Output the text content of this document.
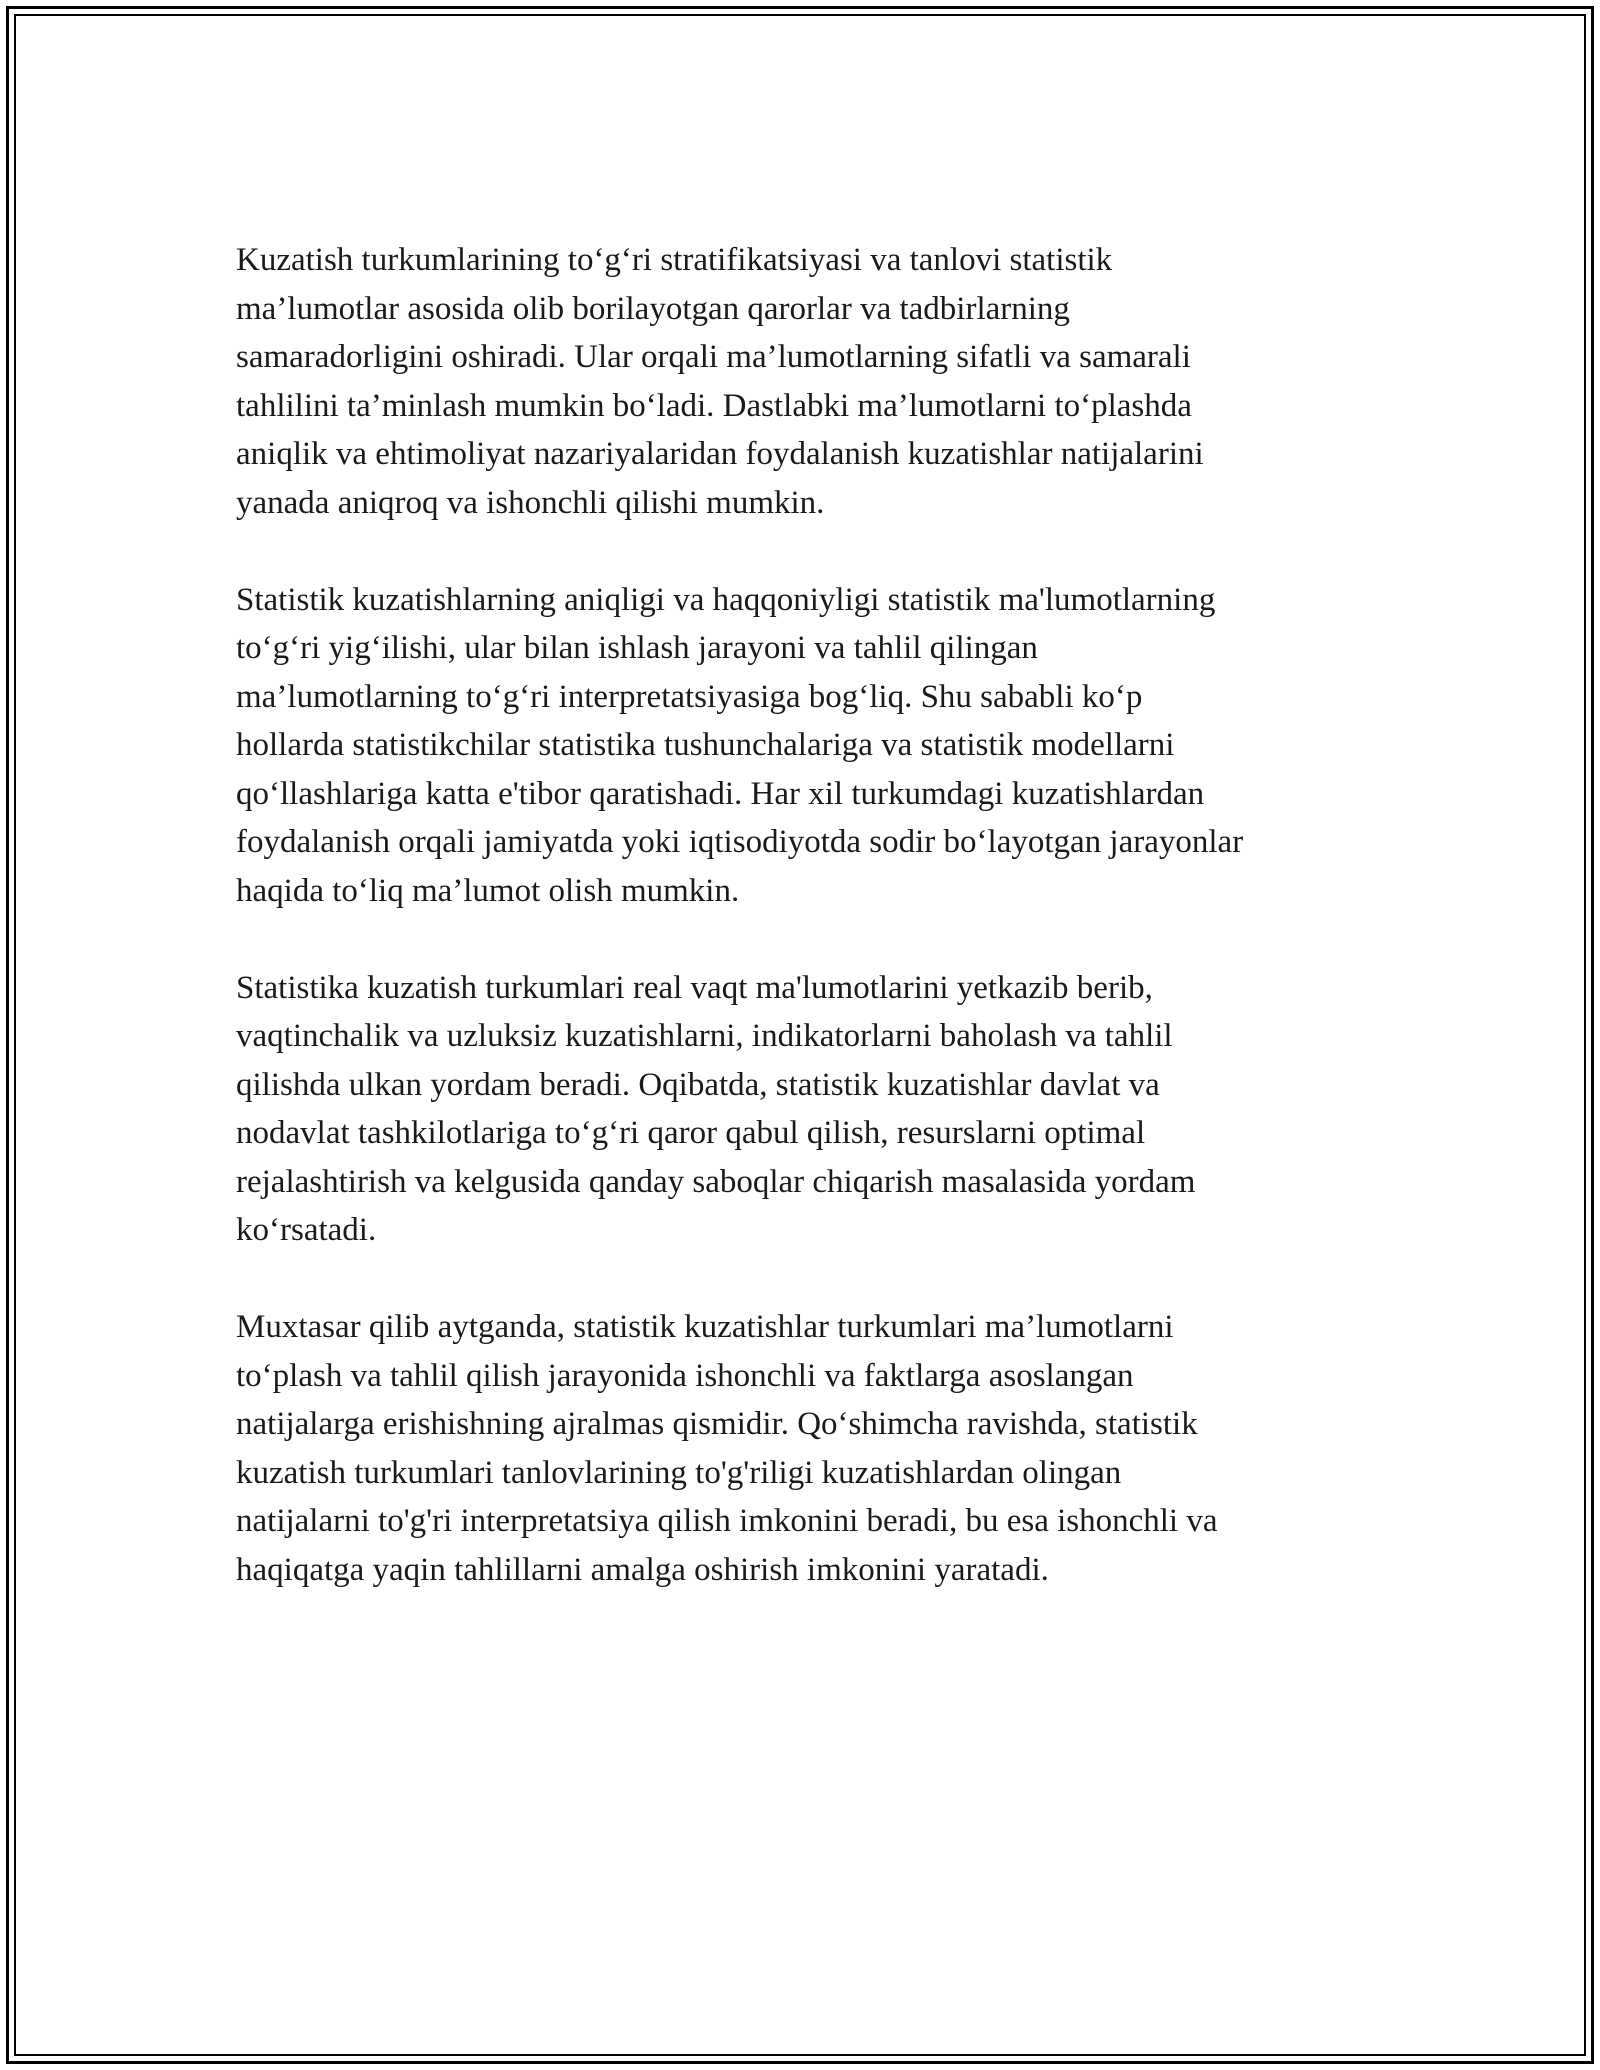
Kuzatish turkumlarining to‘g‘ri stratifikatsiyasi va tanlovi statistik
ma’lumotlar asosida olib borilayotgan qarorlar va tadbirlarning
samaradorligini oshiradi. Ular orqali ma’lumotlarning sifatli va samarali
tahlilini ta’minlash mumkin bo‘ladi. Dastlabki ma’lumotlarni to‘plashda
aniqlik va ehtimoliyat nazariyalaridan foydalanish kuzatishlar natijalarini
yanada aniqroq va ishonchli qilishi mumkin.

Statistik kuzatishlarning aniqligi va haqqoniyligi statistik ma'lumotlarning
to‘g‘ri yig‘ilishi, ular bilan ishlash jarayoni va tahlil qilingan
ma’lumotlarning to‘g‘ri interpretatsiyasiga bog‘liq. Shu sababli ko‘p
hollarda statistikchilar statistika tushunchalariga va statistik modellarni
qo‘llashlariga katta e'tibor qaratishadi. Har xil turkumdagi kuzatishlardan
foydalanish orqali jamiyatda yoki iqtisodiyotda sodir bo‘layotgan jarayonlar
haqida to‘liq ma’lumot olish mumkin.

Statistika kuzatish turkumlari real vaqt ma'lumotlarini yetkazib berib,
vaqtinchalik va uzluksiz kuzatishlarni, indikatorlarni baholash va tahlil
qilishda ulkan yordam beradi. Oqibatda, statistik kuzatishlar davlat va
nodavlat tashkilotlariga to‘g‘ri qaror qabul qilish, resurslarni optimal
rejalashtirish va kelgusida qanday saboqlar chiqarish masalasida yordam
ko‘rsatadi.

Muxtasar qilib aytganda, statistik kuzatishlar turkumlari ma’lumotlarni
to‘plash va tahlil qilish jarayonida ishonchli va faktlarga asoslangan
natijalarga erishishning ajralmas qismidir. Qo‘shimcha ravishda, statistik
kuzatish turkumlari tanlovlarining to'g'riligi kuzatishlardan olingan
natijalarni to'g'ri interpretatsiya qilish imkonini beradi, bu esa ishonchli va
haqiqatga yaqin tahlillarni amalga oshirish imkonini yaratadi.
